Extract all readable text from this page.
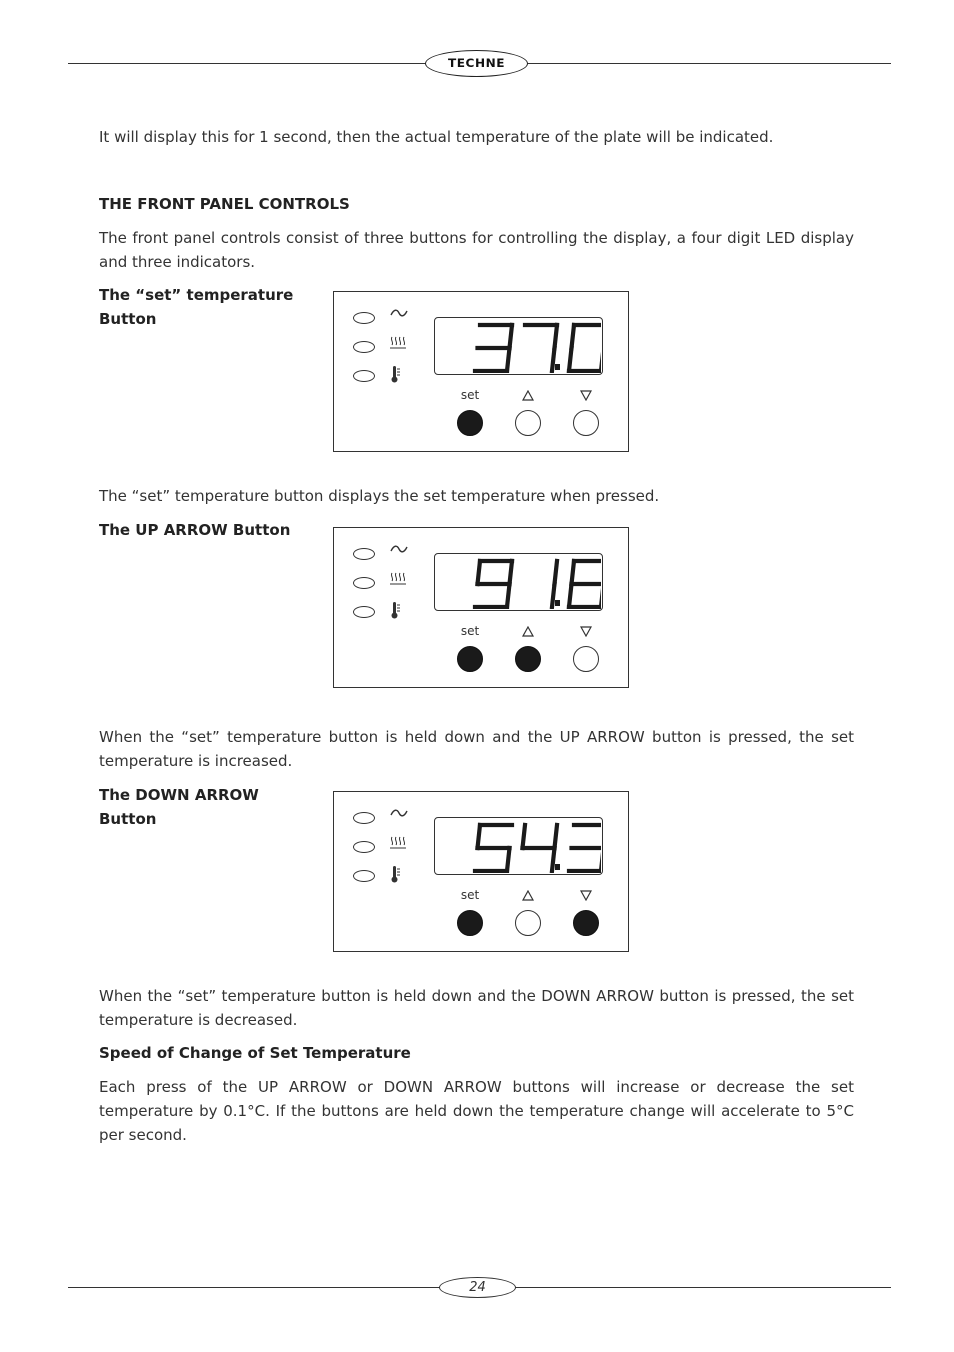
TECHNE

It will display this for 1 second, then the actual temperature of the plate will be indicated.

THE FRONT PANEL CONTROLS

The front panel controls consist of three buttons for controlling the display, a four digit LED display and three indicators.

The “set” temperature
Button
set

The “set” temperature button displays the set temperature when pressed.

The UP ARROW Button
set

When the “set” temperature button is held down and the UP ARROW button is pressed, the set temperature is increased.

The DOWN ARROW
Button
set

When the “set” temperature button is held down and the DOWN ARROW button is pressed, the set temperature is decreased.

Speed of Change of Set Temperature

Each press of the UP ARROW or DOWN ARROW buttons will increase or decrease the set temperature by 0.1°C. If the buttons are held down the temperature change will accelerate to 5°C per second.

24
